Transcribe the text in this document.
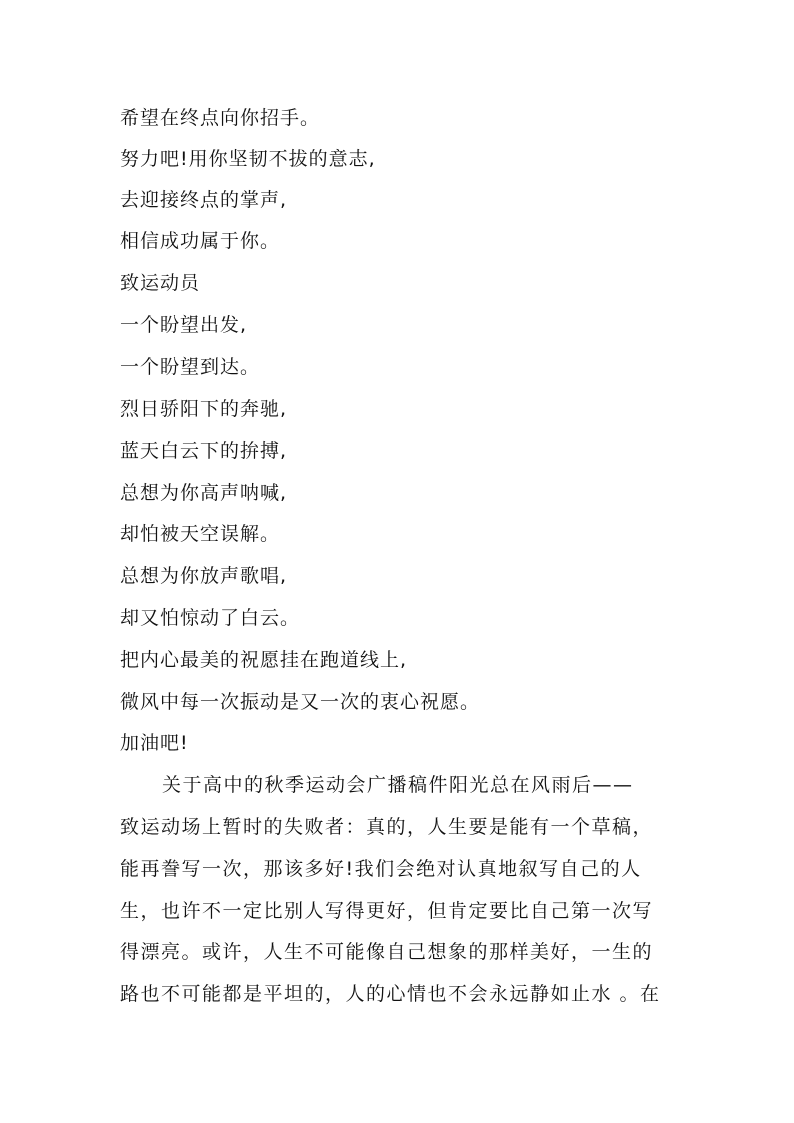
希望在终点向你招手。
努力吧!用你坚韧不拔的意志,
去迎接终点的掌声,
相信成功属于你。
致运动员
一个盼望出发,
一个盼望到达。
烈日骄阳下的奔驰,
蓝天白云下的拚搏,
总想为你高声呐喊,
却怕被天空误解。
总想为你放声歌唱,
却又怕惊动了白云。
把内心最美的祝愿挂在跑道线上,
微风中每一次振动是又一次的衷心祝愿。
加油吧!
关于高中的秋季运动会广播稿件阳光总在风雨后——
致运动场上暂时的失败者：真的，人生要是能有一个草稿，
能再誊写一次，那该多好!我们会绝对认真地叙写自己的人
生，也许不一定比别人写得更好，但肯定要比自己第一次写
得漂亮。或许，人生不可能像自己想象的那样美好，一生的
路也不可能都是平坦的，人的心情也不会永远静如止水 。在
